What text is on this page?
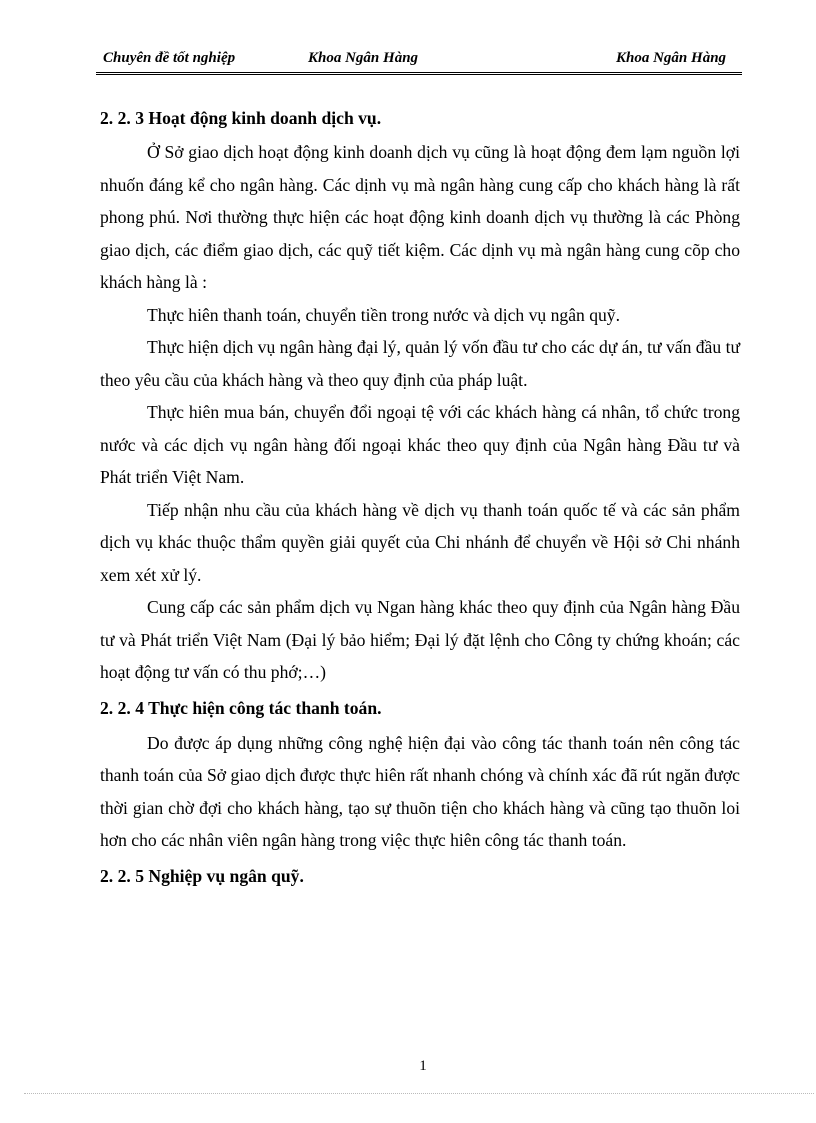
Chuyên đề tốt nghiệp	Khoa Ngân Hàng	Khoa Ngân Hàng
2. 2. 3 Hoạt động kinh doanh dịch vụ.

Ở Sở giao dịch hoạt động kinh doanh dịch vụ cũng là hoạt động đem lạm nguồn lợi nhuốn đáng kể cho ngân hàng. Các dịnh vụ mà ngân hàng cung cấp cho khách hàng là rất phong phú. Nơi thường thực hiện các hoạt động kinh doanh dịch vụ thường là các Phòng giao dịch, các điểm giao dịch, các quỹ tiết kiệm. Các dịnh vụ mà ngân hàng cung cõp cho khách hàng là :

Thực hiên thanh toán, chuyển tiền trong nước và dịch vụ ngân quỹ.

Thực hiện dịch vụ ngân hàng đại lý, quản lý vốn đầu tư cho các dự án, tư vấn đầu tư theo yêu cầu của khách hàng và theo quy định của pháp luật.

Thực hiên mua bán, chuyển đổi ngoại tệ với các khách hàng cá nhân, tổ chức trong nước và các dịch vụ ngân hàng đối ngoại khác theo quy định của Ngân hàng Đầu tư và Phát triển Việt Nam.

Tiếp nhận nhu cầu của khách hàng về dịch vụ thanh toán quốc tế và các sản phẩm dịch vụ khác thuộc thẩm quyền giải quyết của Chi nhánh để chuyển về Hội sở Chi nhánh xem xét xử lý.

Cung cấp các sản phẩm dịch vụ Ngan hàng khác theo quy định của Ngân hàng Đầu tư và Phát triển Việt Nam (Đại lý bảo hiểm; Đại lý đặt lệnh cho Công ty chứng khoán; các hoạt động tư vấn có thu phớ;…)

2. 2. 4 Thực hiện công tác thanh toán.

Do được áp dụng những công nghệ hiện đại vào công tác thanh toán nên công tác thanh toán của Sở giao dịch được thực hiên rất nhanh chóng và chính xác đã rút ngăn được thời gian chờ đợi cho khách hàng, tạo sự thuõn tiện cho khách hàng và cũng tạo thuõn loi hơn cho các nhân viên ngân hàng trong việc thực hiên công tác thanh toán.

2. 2. 5 Nghiệp vụ ngân quỹ.
1
